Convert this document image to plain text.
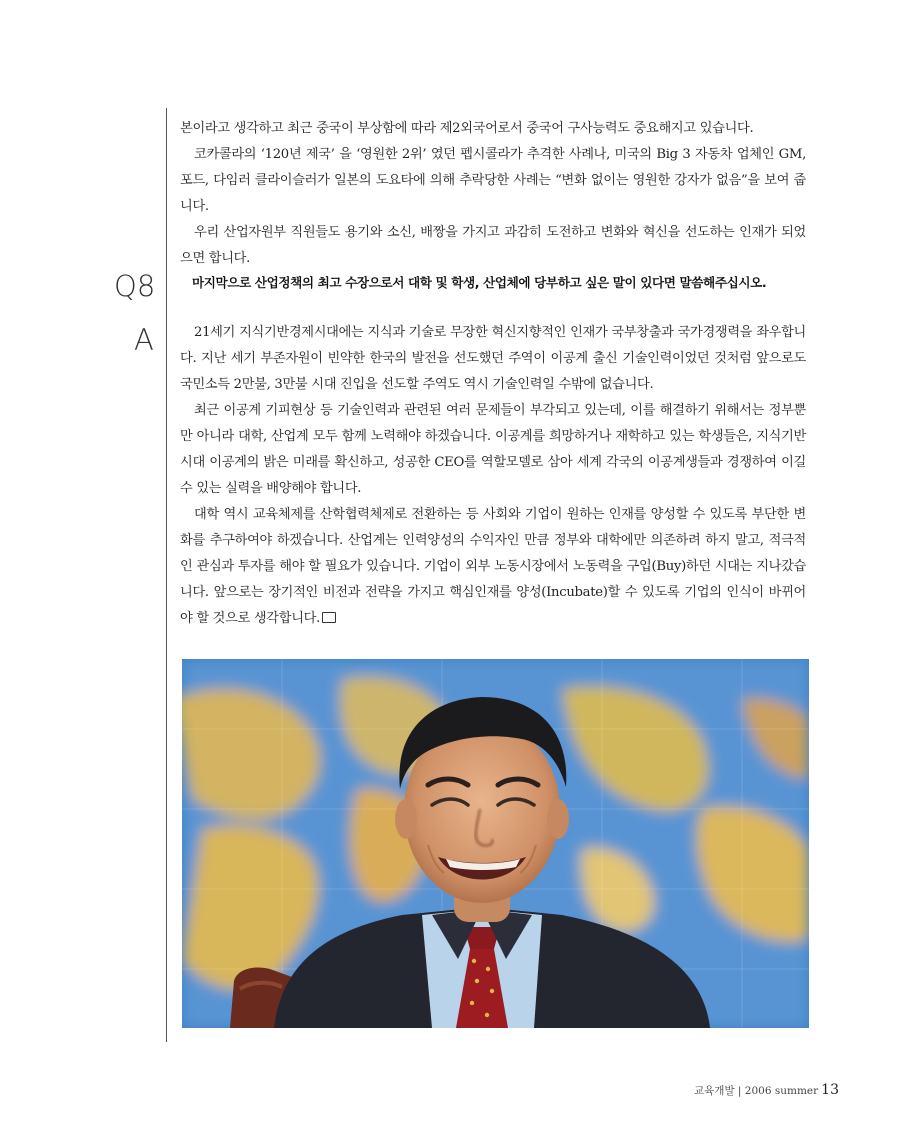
본이라고 생각하고 최근 중국이 부상함에 따라 제2외국어로서 중국어 구사능력도 중요해지고 있습니다.

코카콜라의 ‘120년 제국’ 을 ‘영원한 2위’ 였던 펩시콜라가 추격한 사례나, 미국의 Big 3 자동차 업체인 GM, 포드, 다임러 클라이슬러가 일본의 도요타에 의해 추락당한 사례는 “변화 없이는 영원한 강자가 없음”을 보여 줍니다.

우리 산업자원부 직원들도 용기와 소신, 배짱을 가지고 과감히 도전하고 변화와 혁신을 선도하는 인재가 되었으면 합니다.

Q8	마지막으로 산업정책의 최고 수장으로서 대학 및 학생, 산업체에 당부하고 싶은 말이 있다면 말씀해주십시오.
A	21세기 지식기반경제시대에는 지식과 기술로 무장한 혁신지향적인 인재가 국부창출과 국가경쟁력을 좌우합니다. 지난 세기 부존자원이 빈약한 한국의 발전을 선도했던 주역이 이공계 출신 기술인력이었던 것처럼 앞으로도 국민소득 2만불, 3만불 시대 진입을 선도할 주역도 역시 기술인력일 수밖에 없습니다.

최근 이공계 기피현상 등 기술인력과 관련된 여러 문제들이 부각되고 있는데, 이를 해결하기 위해서는 정부뿐만 아니라 대학, 산업계 모두 함께 노력해야 하겠습니다. 이공계를 희망하거나 재학하고 있는 학생들은, 지식기반시대 이공계의 밝은 미래를 확신하고, 성공한 CEO를 역할모델로 삼아 세계 각국의 이공계생들과 경쟁하여 이길 수 있는 실력을 배양해야 합니다.

대학 역시 교육체제를 산학협력체제로 전환하는 등 사회와 기업이 원하는 인재를 양성할 수 있도록 부단한 변화를 추구하여야 하겠습니다. 산업계는 인력양성의 수익자인 만큼 정부와 대학에만 의존하려 하지 말고, 적극적인 관심과 투자를 해야 할 필요가 있습니다. 기업이 외부 노동시장에서 노동력을 구입(Buy)하던 시대는 지나갔습니다. 앞으로는 장기적인 비전과 전략을 가지고 핵심인재를 양성(Incubate)할 수 있도록 기업의 인식이 바뀌어야 할 것으로 생각합니다.

교육개발 | 2006 summer 13
